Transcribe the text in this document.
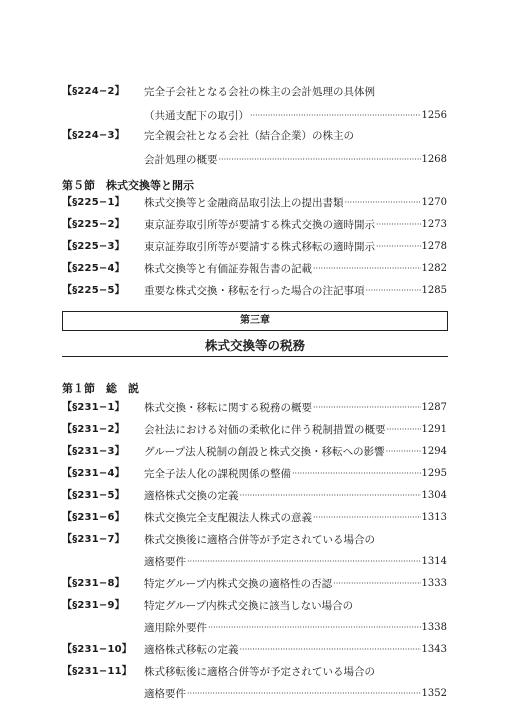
【§224−2】	完全子会社となる会社の株主の会計処理の具体例
（共通支配下の取引） ·····	1256
【§224−3】	完全親会社となる会社（結合企業）の株主の
会計処理の概要 ·····	1268
第５節　株式交換等と開示
【§225−1】	株式交換等と金融商品取引法上の提出書類 ·····	1270
【§225−2】	東京証券取引所等が要請する株式交換の適時開示 ·····	1273
【§225−3】	東京証券取引所等が要請する株式移転の適時開示 ·····	1278
【§225−4】	株式交換等と有価証券報告書の記載 ·····	1282
【§225−5】	重要な株式交換・移転を行った場合の注記事項 ·····	1285
第三章
株式交換等の税務
第１節　総　説
【§231−1】	株式交換・移転に関する税務の概要 ·····	1287
【§231−2】	会社法における対価の柔軟化に伴う税制措置の概要 ·····	1291
【§231−3】	グループ法人税制の創設と株式交換・移転への影響 ·····	1294
【§231−4】	完全子法人化の課税関係の整備 ·····	1295
【§231−5】	適格株式交換の定義 ·····	1304
【§231−6】	株式交換完全支配親法人株式の意義 ·····	1313
【§231−7】	株式交換後に適格合併等が予定されている場合の
適格要件 ·····	1314
【§231−8】	特定グループ内株式交換の適格性の否認 ·····	1333
【§231−9】	特定グループ内株式交換に該当しない場合の
適用除外要件 ·····	1338
【§231−10】	適格株式移転の定義 ·····	1343
【§231−11】	株式移転後に適格合併等が予定されている場合の
適格要件 ·····	1352
